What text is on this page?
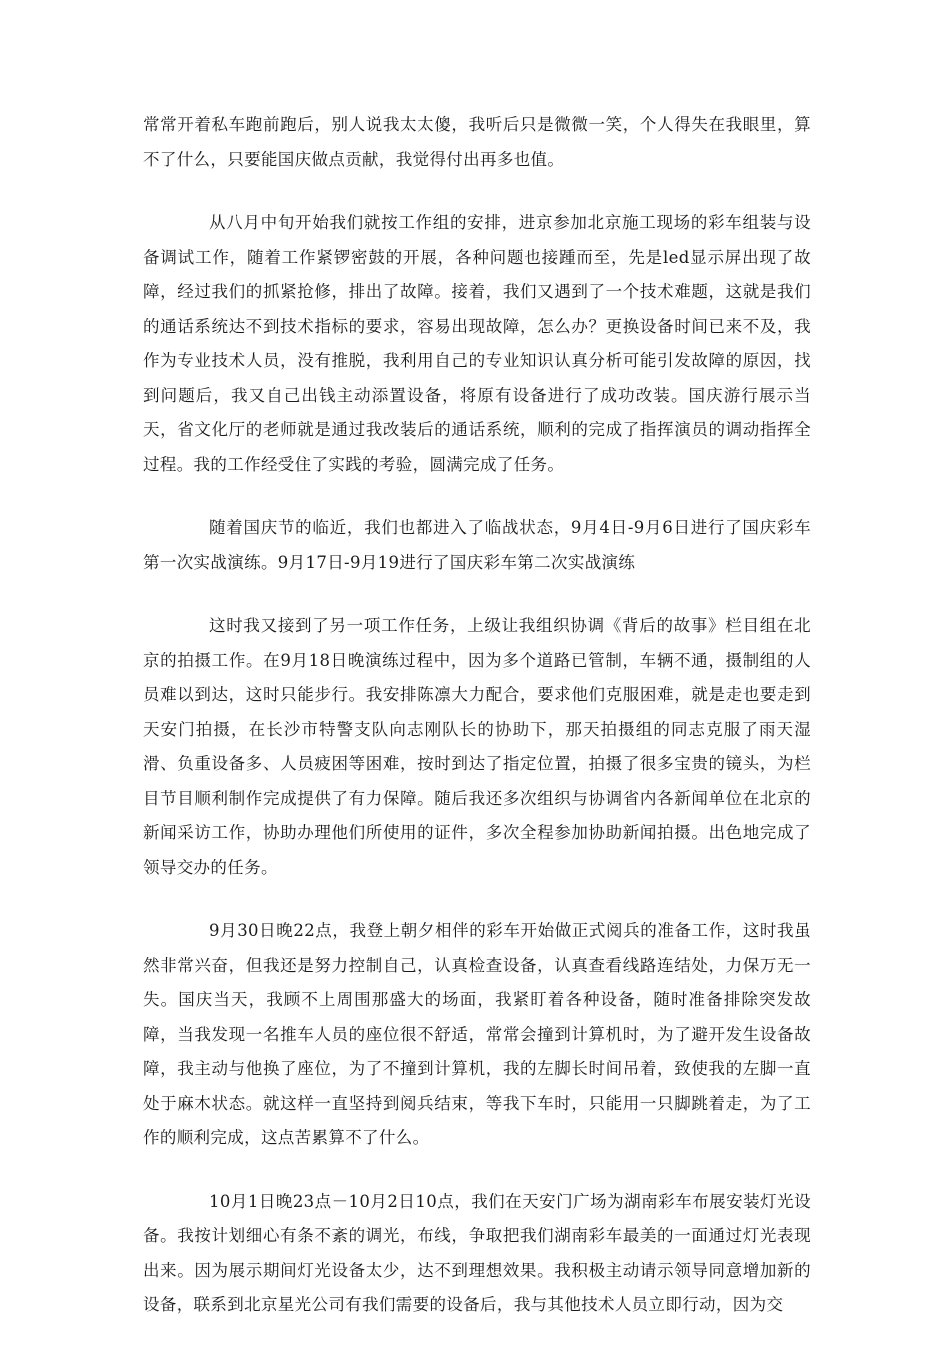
常常开着私车跑前跑后，别人说我太太傻，我听后只是微微一笑，个人得失在我眼里，算不了什么，只要能国庆做点贡献，我觉得付出再多也值。

从八月中旬开始我们就按工作组的安排，进京参加北京施工现场的彩车组装与设备调试工作，随着工作紧锣密鼓的开展，各种问题也接踵而至，先是led显示屏出现了故障，经过我们的抓紧抢修，排出了故障。接着，我们又遇到了一个技术难题，这就是我们的通话系统达不到技术指标的要求，容易出现故障，怎么办？更换设备时间已来不及，我作为专业技术人员，没有推脱，我利用自己的专业知识认真分析可能引发故障的原因，找到问题后，我又自己出钱主动添置设备，将原有设备进行了成功改装。国庆游行展示当天，省文化厅的老师就是通过我改装后的通话系统，顺利的完成了指挥演员的调动指挥全过程。我的工作经受住了实践的考验，圆满完成了任务。

随着国庆节的临近，我们也都进入了临战状态，9月4日-9月6日进行了国庆彩车第一次实战演练。9月17日-9月19进行了国庆彩车第二次实战演练

这时我又接到了另一项工作任务，上级让我组织协调《背后的故事》栏目组在北京的拍摄工作。在9月18日晚演练过程中，因为多个道路已管制，车辆不通，摄制组的人员难以到达，这时只能步行。我安排陈凛大力配合，要求他们克服困难，就是走也要走到天安门拍摄，在长沙市特警支队向志刚队长的协助下，那天拍摄组的同志克服了雨天湿滑、负重设备多、人员疲困等困难，按时到达了指定位置，拍摄了很多宝贵的镜头，为栏目节目顺利制作完成提供了有力保障。随后我还多次组织与协调省内各新闻单位在北京的新闻采访工作，协助办理他们所使用的证件，多次全程参加协助新闻拍摄。出色地完成了领导交办的任务。

9月30日晚22点，我登上朝夕相伴的彩车开始做正式阅兵的准备工作，这时我虽然非常兴奋，但我还是努力控制自己，认真检查设备，认真查看线路连结处，力保万无一失。国庆当天，我顾不上周围那盛大的场面，我紧盯着各种设备，随时准备排除突发故障，当我发现一名推车人员的座位很不舒适，常常会撞到计算机时，为了避开发生设备故障，我主动与他换了座位，为了不撞到计算机，我的左脚长时间吊着，致使我的左脚一直处于麻木状态。就这样一直坚持到阅兵结束，等我下车时，只能用一只脚跳着走，为了工作的顺利完成，这点苦累算不了什么。

10月1日晚23点－10月2日10点，我们在天安门广场为湖南彩车布展安装灯光设备。我按计划细心有条不紊的调光，布线，争取把我们湖南彩车最美的一面通过灯光表现出来。因为展示期间灯光设备太少，达不到理想效果。我积极主动请示领导同意增加新的设备，联系到北京星光公司有我们需要的设备后，我与其他技术人员立即行动，因为交
